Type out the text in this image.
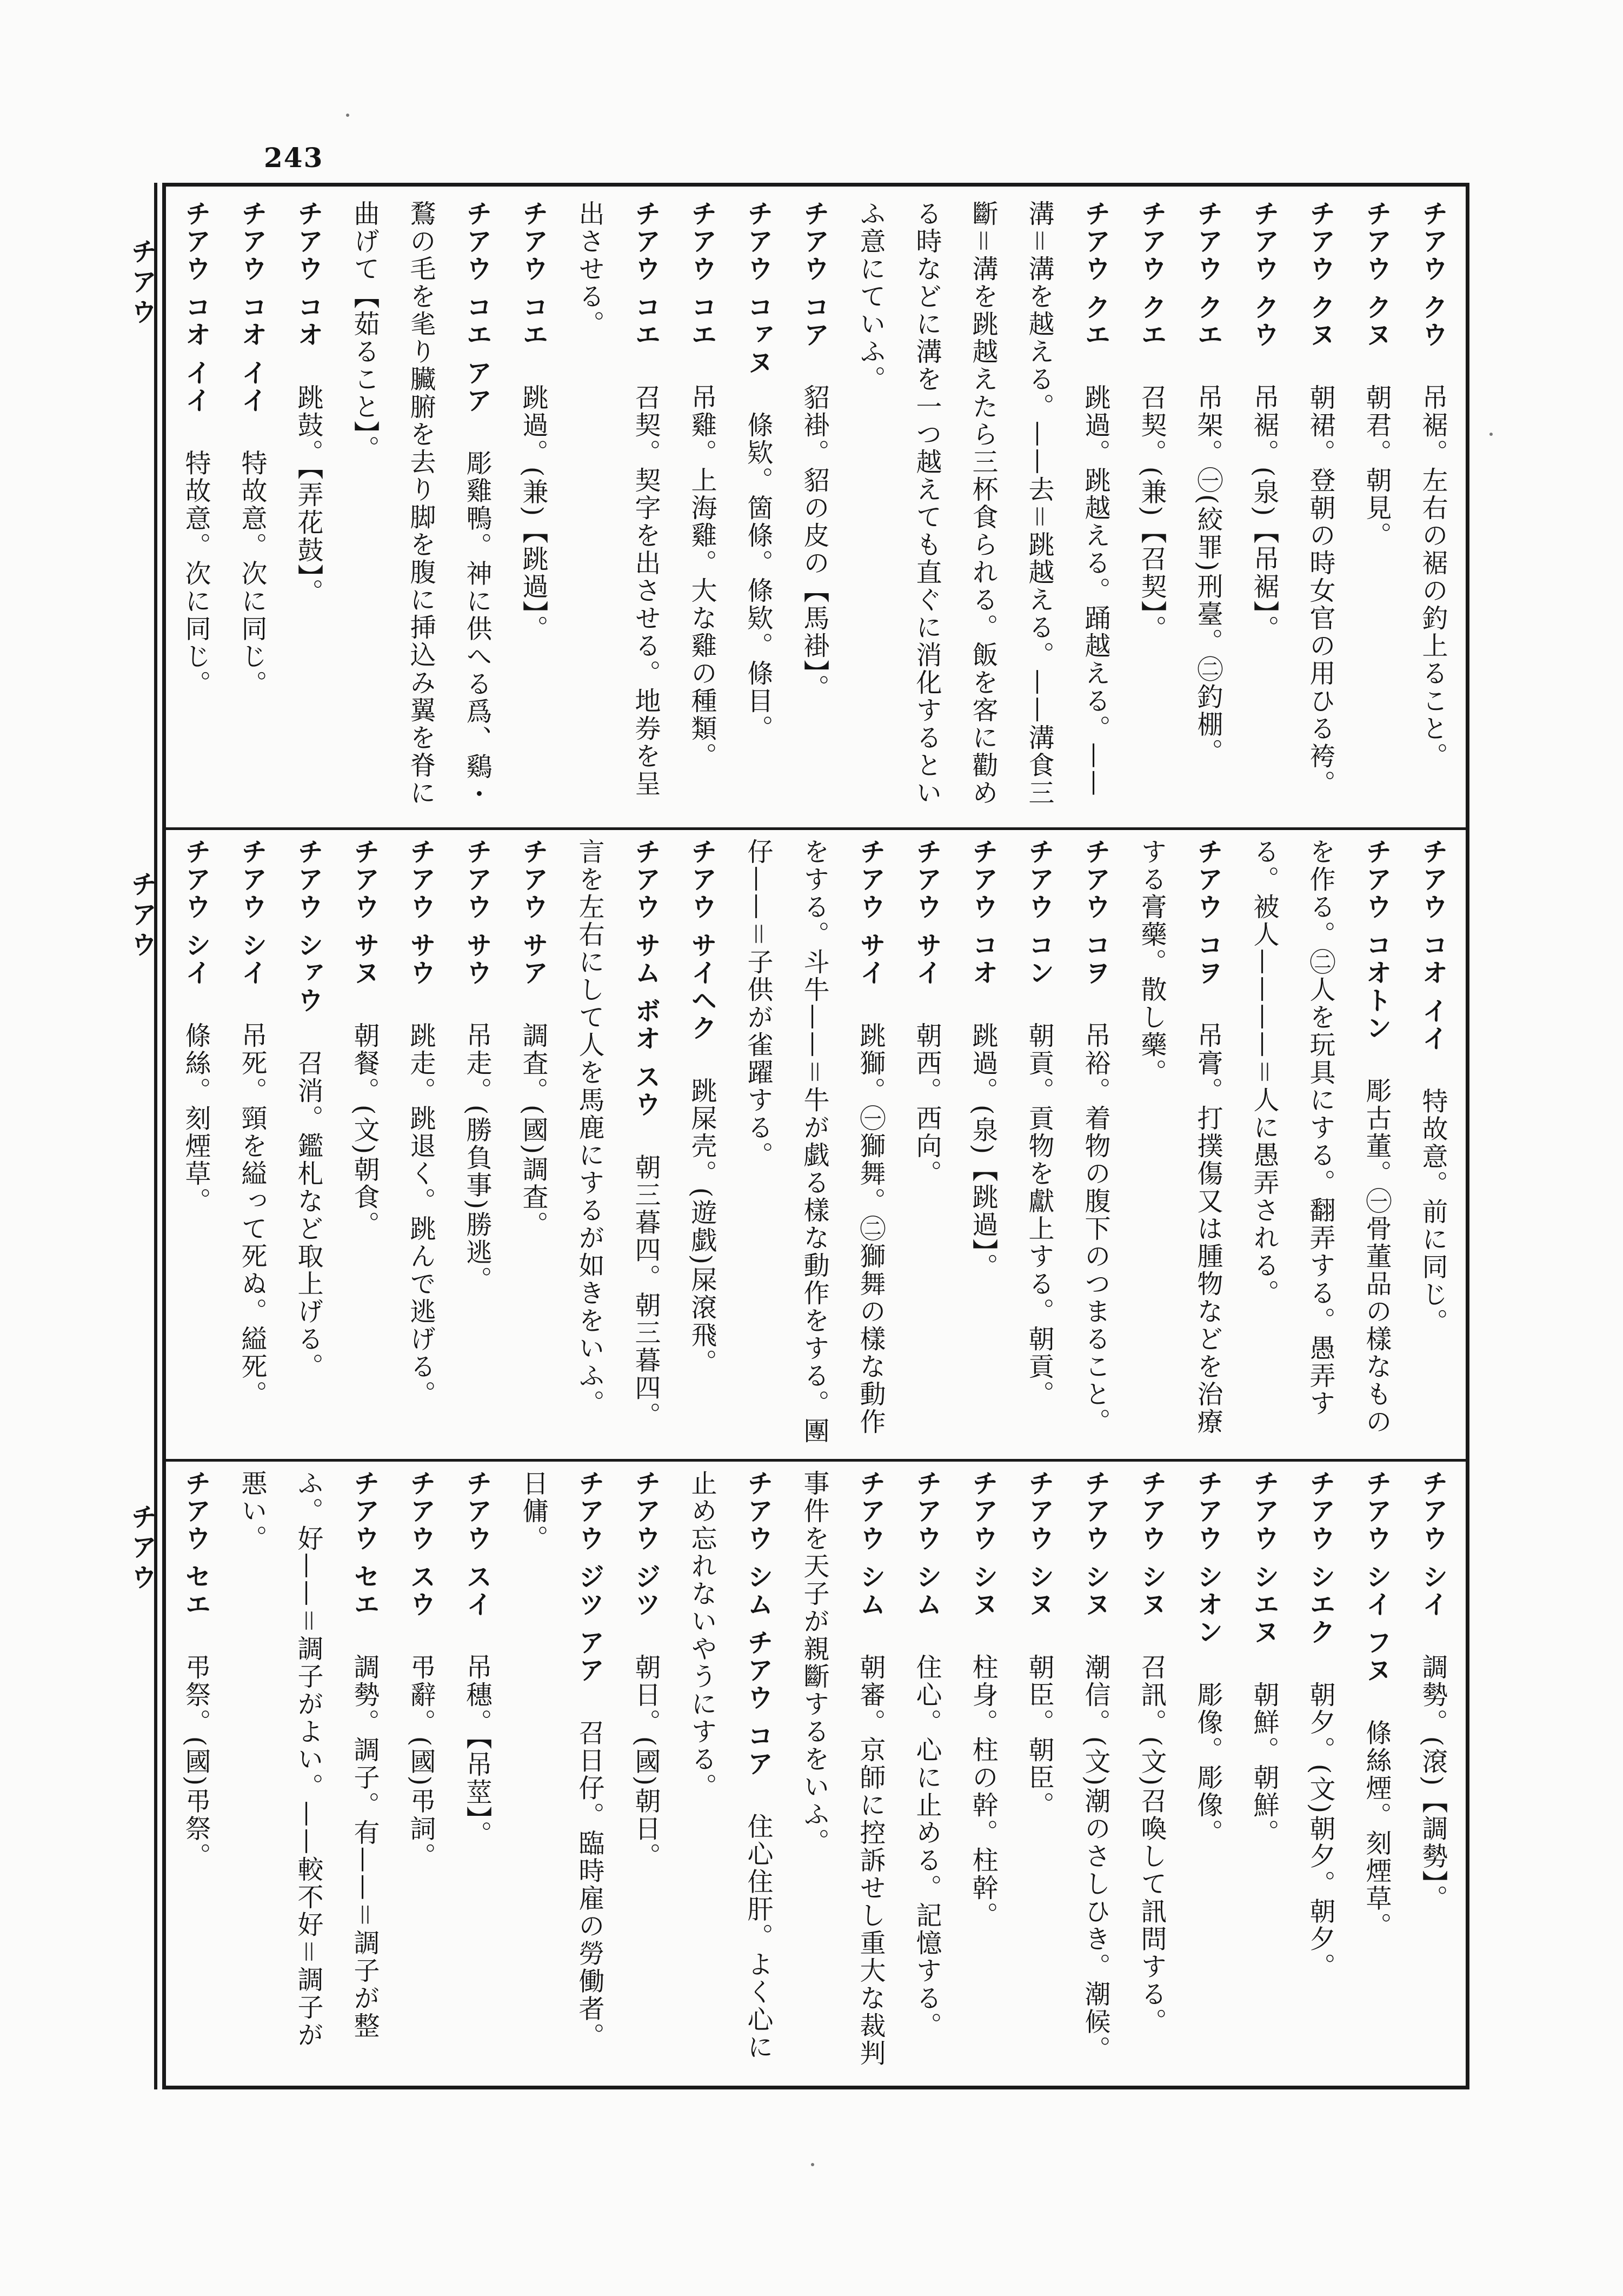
243
チアウ
チアウ
チアウ
チアウ クウ　吊裾。左右の裾の釣上ること。
チアウ クヌ　朝君。朝見。
チアウ クヌ　朝裙。登朝の時女官の用ひる袴。
チアウ クウ　吊裾。(泉)【吊裾】。
チアウ クエ　吊架。㊀(絞罪)刑臺。㊁釣棚。
チアウ クエ　召契。(兼)【召契】。
チアウ クエ　跳過。跳越える。踊越える。——溝＝溝を越える。——去＝跳越える。——溝食三斷＝溝を跳越えたら三杯食られる。飯を客に勸める時などに溝を一つ越えても直ぐに消化するといふ意にていふ。
チアウ コア　貂褂。貂の皮の【馬褂】。
チアウ コァヌ　條欵。箇條。條欵。條目。
チアウ コエ　吊雞。上海雞。大な雞の種類。
チアウ コエ　召契。契字を出させる。地券を呈出させる。
チアウ コエ　跳過。(兼)【跳過】。
チアウ コエ アア　彫雞鴨。神に供へる爲、鷄・鶩の毛を毟り臟腑を去り脚を腹に挿込み翼を脊に曲げて【茹ること】。
チアウ コオ　跳鼓。【弄花鼓】。
チアウ コオ イイ　特故意。次に同じ。
チアウ コオ イイ　特故意。次に同じ。

チアウ コオ イイ　特故意。前に同じ。
チアウ コオトン　彫古董。㊀骨董品の樣なものを作る。㊁人を玩具にする。翻弄する。愚弄する。被人————＝人に愚弄される。
チアウ コヲ　吊膏。打撲傷又は腫物などを治療する膏藥。散し藥。
チアウ コヲ　吊裕。着物の腹下のつまること。
チアウ コン　朝貢。貢物を獻上する。朝貢。
チアウ コオ　跳過。(泉)【跳過】。
チアウ サイ　朝西。西向。
チアウ サイ　跳獅。㊀獅舞。㊁獅舞の樣な動作をする。斗牛——＝牛が戯る樣な動作をする。團仔——＝子供が雀躍する。
チアウ サイヘク　跳屎壳。(遊戯)屎滾飛。
チアウ サム ボオ スウ　朝三暮四。朝三暮四。言を左右にして人を馬鹿にするが如きをいふ。
チアウ サア　調査。(國)調査。
チアウ サウ　吊走。(勝負事)勝逃。
チアウ サウ　跳走。跳退く。跳んで逃げる。
チアウ サヌ　朝餐。(文)朝食。
チアウ シァウ　召消。鑑札など取上げる。
チアウ シイ　吊死。頸を縊って死ぬ。縊死。
チアウ シイ　條絲。刻煙草。
チアウ シイ　調勢。(滾)【調勢】。
チアウ シイ フヌ　條絲煙。刻煙草。
チアウ シエク　朝夕。(文)朝夕。朝夕。
チアウ シエヌ　朝鮮。朝鮮。
チアウ シオン　彫像。彫像。
チアウ シヌ　召訊。(文)召喚して訊問する。
チアウ シヌ　潮信。(文)潮のさしひき。潮候。
チアウ シヌ　朝臣。朝臣。
チアウ シヌ　柱身。柱の幹。柱幹。
チアウ シム　住心。心に止める。記憶する。
チアウ シム　朝審。京師に控訴せし重大な裁判事件を天子が親斷するをいふ。
チアウ シム チアウ コア　住心住肝。よく心に止め忘れないやうにする。
チアウ ジツ　朝日。(國)朝日。
チアウ ジツ アア　召日仔。臨時雇の勞働者。日傭。
チアウ スイ　吊穗。【吊莖】。
チアウ スウ　弔辭。(國)弔詞。
チアウ セエ　調勢。調子。有——＝調子が整ふ。好——＝調子がよい。——較不好＝調子が悪い。
チアウ セエ　弔祭。(國)弔祭。
